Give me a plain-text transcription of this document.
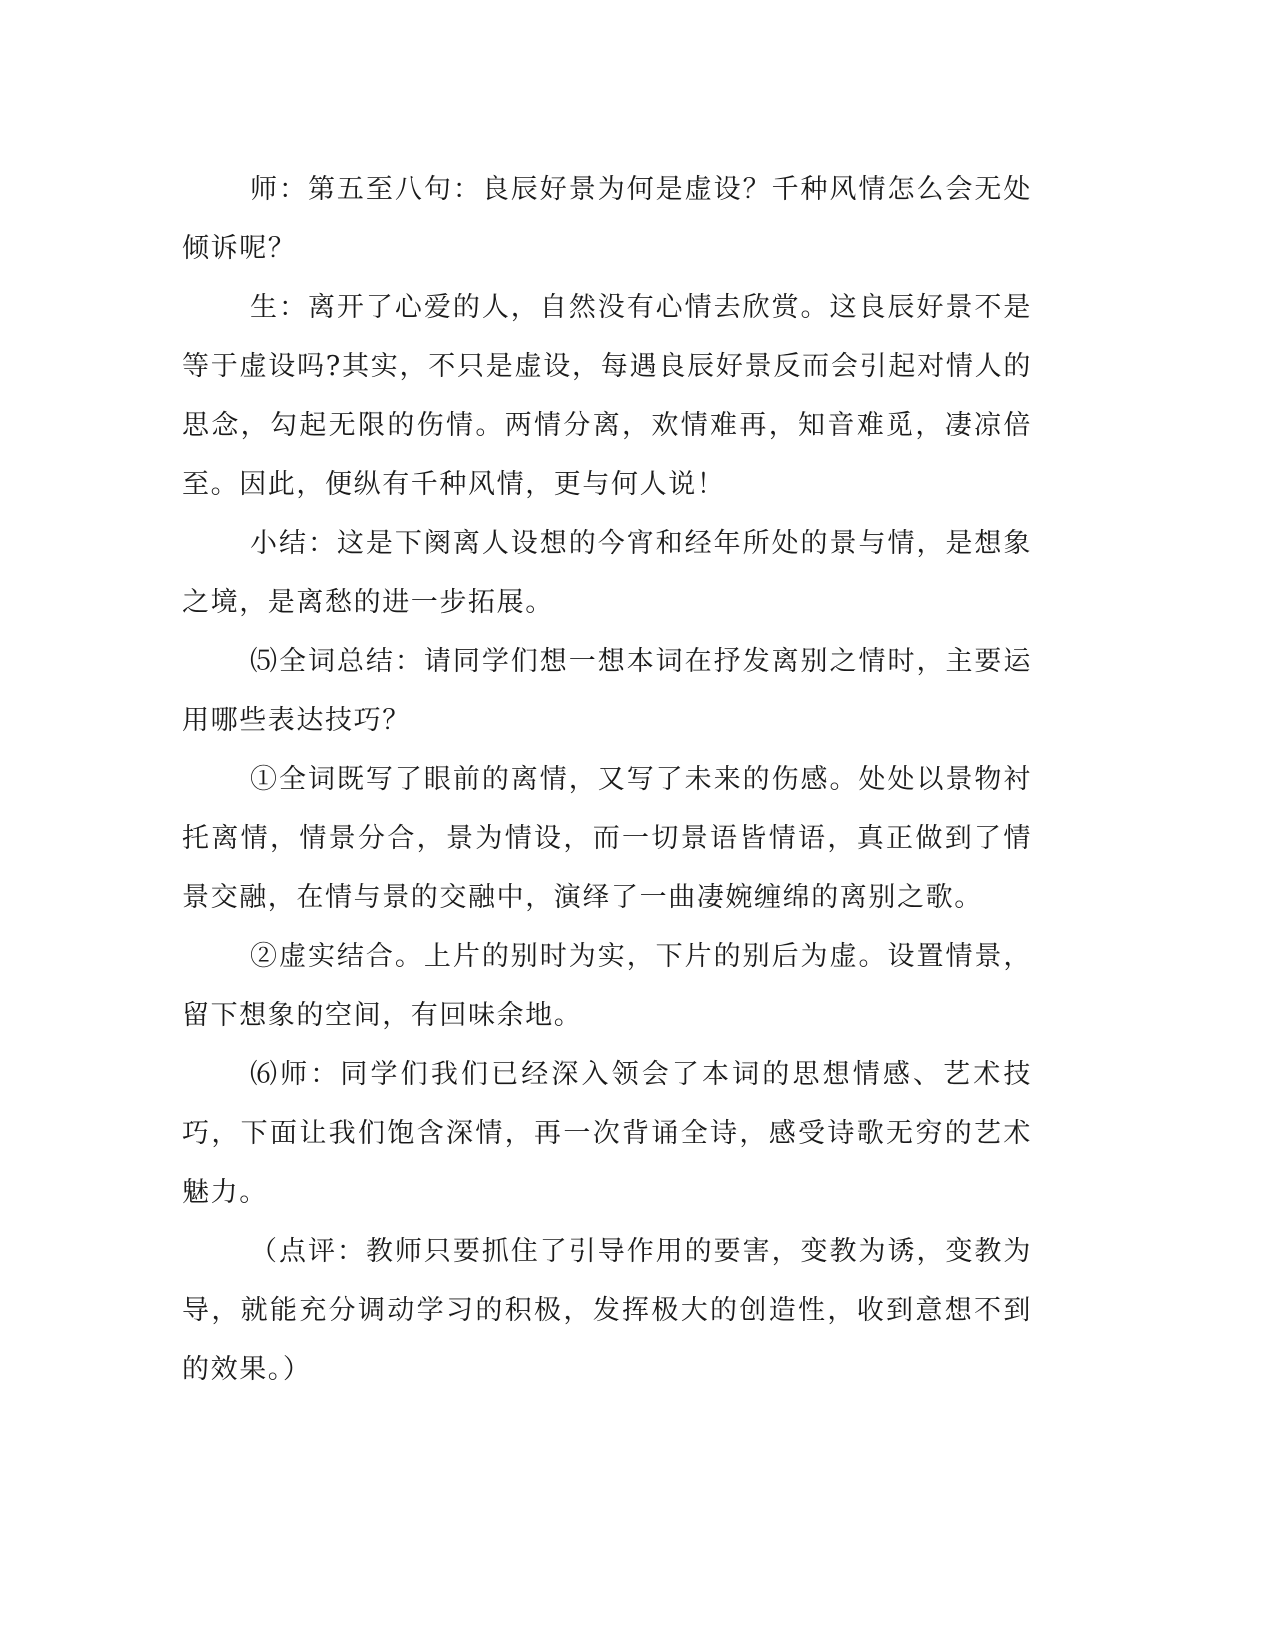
师：第五至八句：良辰好景为何是虚设？千种风情怎么会无处倾诉呢？

生：离开了心爱的人，自然没有心情去欣赏。这良辰好景不是等于虚设吗?其实，不只是虚设，每遇良辰好景反而会引起对情人的思念，勾起无限的伤情。两情分离，欢情难再，知音难觅，凄凉倍至。因此，便纵有千种风情，更与何人说！

小结：这是下阕离人设想的今宵和经年所处的景与情，是想象之境，是离愁的进一步拓展。

⑸全词总结：请同学们想一想本词在抒发离别之情时，主要运用哪些表达技巧？

①全词既写了眼前的离情，又写了未来的伤感。处处以景物衬托离情，情景分合，景为情设，而一切景语皆情语，真正做到了情景交融，在情与景的交融中，演绎了一曲凄婉缠绵的离别之歌。

②虚实结合。上片的别时为实，下片的别后为虚。设置情景，留下想象的空间，有回味余地。

⑹师：同学们我们已经深入领会了本词的思想情感、艺术技巧，下面让我们饱含深情，再一次背诵全诗，感受诗歌无穷的艺术魅力。

（点评：教师只要抓住了引导作用的要害，变教为诱，变教为导，就能充分调动学习的积极，发挥极大的创造性，收到意想不到的效果。）
